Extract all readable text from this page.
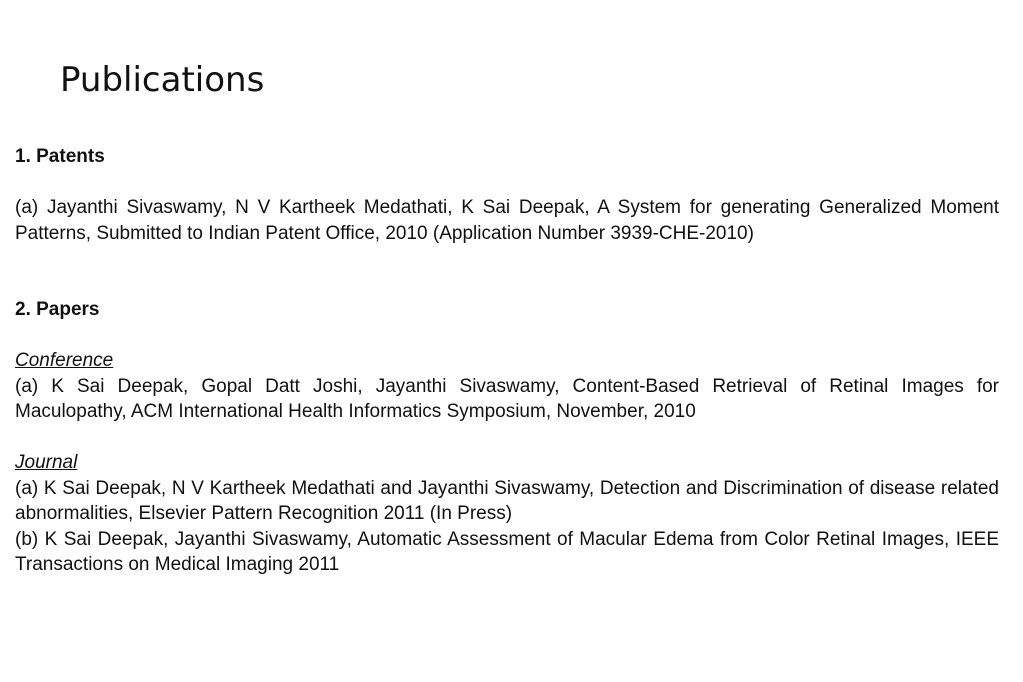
Publications

1. Patents

(a) Jayanthi Sivaswamy, N V Kartheek Medathati, K Sai Deepak, A System for generating Generalized Moment Patterns, Submitted to Indian Patent Office, 2010 (Application Number 3939-CHE-2010)

2. Papers

Conference

(a) K Sai Deepak, Gopal Datt Joshi, Jayanthi Sivaswamy, Content-Based Retrieval of Retinal Images for Maculopathy, ACM International Health Informatics Symposium, November, 2010

Journal

(a) K Sai Deepak, N V Kartheek Medathati and Jayanthi Sivaswamy, Detection and Discrimination of disease related abnormalities, Elsevier Pattern Recognition 2011 (In Press)

(b) K Sai Deepak, Jayanthi Sivaswamy, Automatic Assessment of Macular Edema from Color Retinal Images, IEEE Transactions on Medical Imaging 2011
